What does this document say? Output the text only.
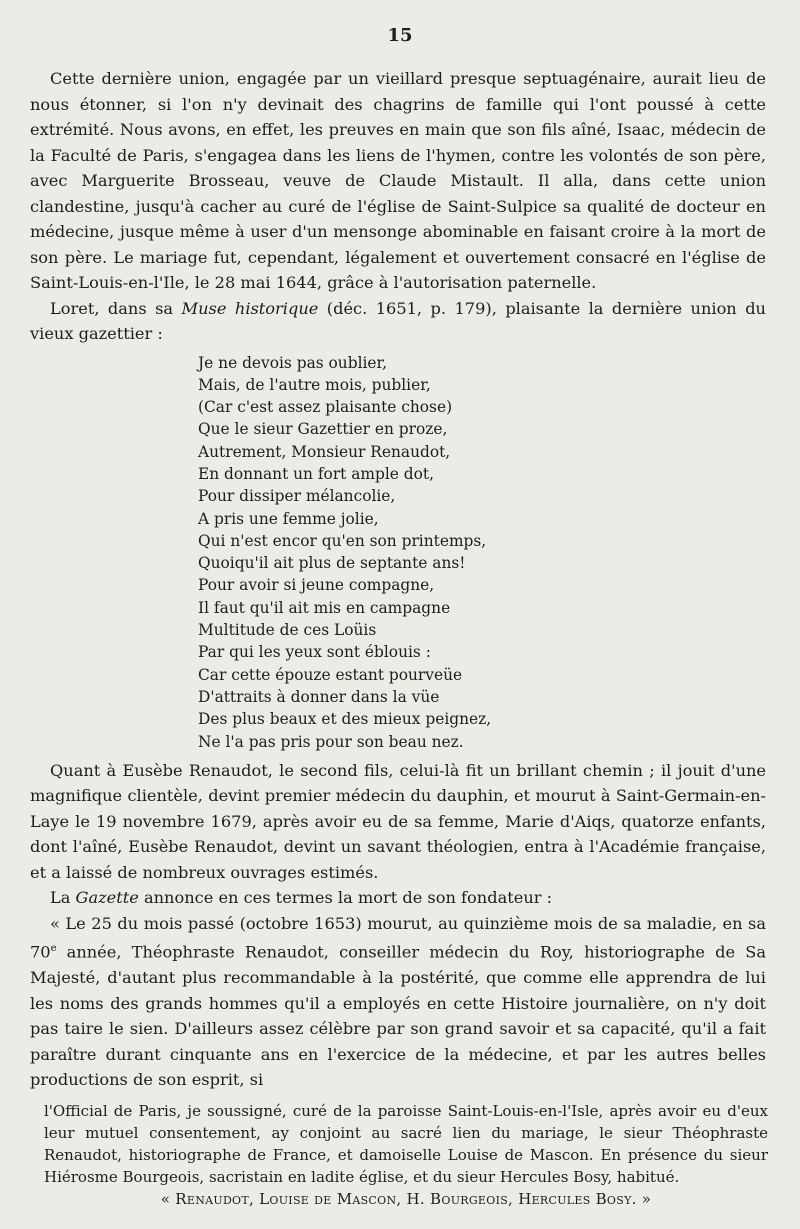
15

Cette dernière union, engagée par un vieillard presque septuagénaire, aurait lieu de nous étonner, si l'on n'y devinait des chagrins de famille qui l'ont poussé à cette extrémité. Nous avons, en effet, les preuves en main que son fils aîné, Isaac, médecin de la Faculté de Paris, s'engagea dans les liens de l'hymen, contre les volontés de son père, avec Marguerite Brosseau, veuve de Claude Mistault. Il alla, dans cette union clandestine, jusqu'à cacher au curé de l'église de Saint-Sulpice sa qualité de docteur en médecine, jusque même à user d'un mensonge abominable en faisant croire à la mort de son père. Le mariage fut, cependant, légalement et ouvertement consacré en l'église de Saint-Louis-en-l'Ile, le 28 mai 1644, grâce à l'autorisation paternelle.

Loret, dans sa Muse historique (déc. 1651, p. 179), plaisante la dernière union du vieux gazettier :

Je ne devois pas oublier,
Mais, de l'autre mois, publier,
(Car c'est assez plaisante chose)
Que le sieur Gazettier en proze,
Autrement, Monsieur Renaudot,
En donnant un fort ample dot,
Pour dissiper mélancolie,
A pris une femme jolie,
Qui n'est encor qu'en son printemps,
Quoiqu'il ait plus de septante ans!
Pour avoir si jeune compagne,
Il faut qu'il ait mis en campagne
Multitude de ces Loüis
Par qui les yeux sont éblouis :
Car cette épouze estant pourveüe
D'attraits à donner dans la vüe
Des plus beaux et des mieux peignez,
Ne l'a pas pris pour son beau nez.

Quant à Eusèbe Renaudot, le second fils, celui-là fit un brillant chemin ; il jouit d'une magnifique clientèle, devint premier médecin du dauphin, et mourut à Saint-Germain-en-Laye le 19 novembre 1679, après avoir eu de sa femme, Marie d'Aiqs, quatorze enfants, dont l'aîné, Eusèbe Renaudot, devint un savant théologien, entra à l'Académie française, et a laissé de nombreux ouvrages estimés.

La Gazette annonce en ces termes la mort de son fondateur :

« Le 25 du mois passé (octobre 1653) mourut, au quinzième mois de sa maladie, en sa 70e année, Théophraste Renaudot, conseiller médecin du Roy, historiographe de Sa Majesté, d'autant plus recommandable à la postérité, que comme elle apprendra de lui les noms des grands hommes qu'il a employés en cette Histoire journalière, on n'y doit pas taire le sien. D'ailleurs assez célèbre par son grand savoir et sa capacité, qu'il a fait paraître durant cinquante ans en l'exercice de la médecine, et par les autres belles productions de son esprit, si

l'Official de Paris, je soussigné, curé de la paroisse Saint-Louis-en-l'Isle, après avoir eu d'eux leur mutuel consentement, ay conjoint au sacré lien du mariage, le sieur Théophraste Renaudot, historiographe de France, et damoiselle Louise de Mascon. En présence du sieur Hiérosme Bourgeois, sacristain en ladite église, et du sieur Hercules Bosy, habitué.

« Renaudot, Louise de Mascon, H. Bourgeois, Hercules Bosy. »
